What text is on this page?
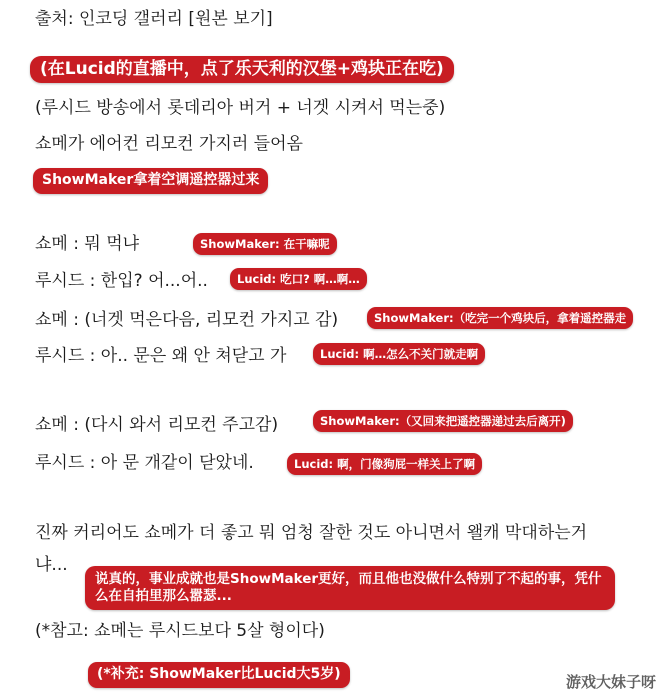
출처: 인코딩 갤러리 [원본 보기]
(在Lucid的直播中，点了乐天利的汉堡+鸡块正在吃)
(루시드 방송에서 롯데리아 버거 + 너겟 시켜서 먹는중)
쇼메가 에어컨 리모컨 가지러 들어옴
ShowMaker拿着空调遥控器过来
쇼메 : 뭐 먹냐	ShowMaker: 在干嘛呢
루시드 : 한입? 어...어..	Lucid: 吃口? 啊…啊…
쇼메 : (너겟 먹은다음, 리모컨 가지고 감)	ShowMaker:（吃完一个鸡块后，拿着遥控器走
루시드 : 아.. 문은 왜 안 쳐닫고 가	Lucid: 啊…怎么不关门就走啊
쇼메 : (다시 와서 리모컨 주고감)	ShowMaker:（又回来把遥控器递过去后离开)
루시드 : 아 문 개같이 닫았네.	Lucid: 啊，门像狗屁一样关上了啊
진짜 커리어도 쇼메가 더 좋고 뭐 엄청 잘한 것도 아니면서 왤캐 막대하는거
냐...
说真的，事业成就也是ShowMaker更好，而且他也没做什么特别了不起的事，凭什么在自拍里那么嚣瑟...
(*참고: 쇼메는 루시드보다 5살 형이다)
(*补充: ShowMaker比Lucid大5岁)	游戏大妹子呀
